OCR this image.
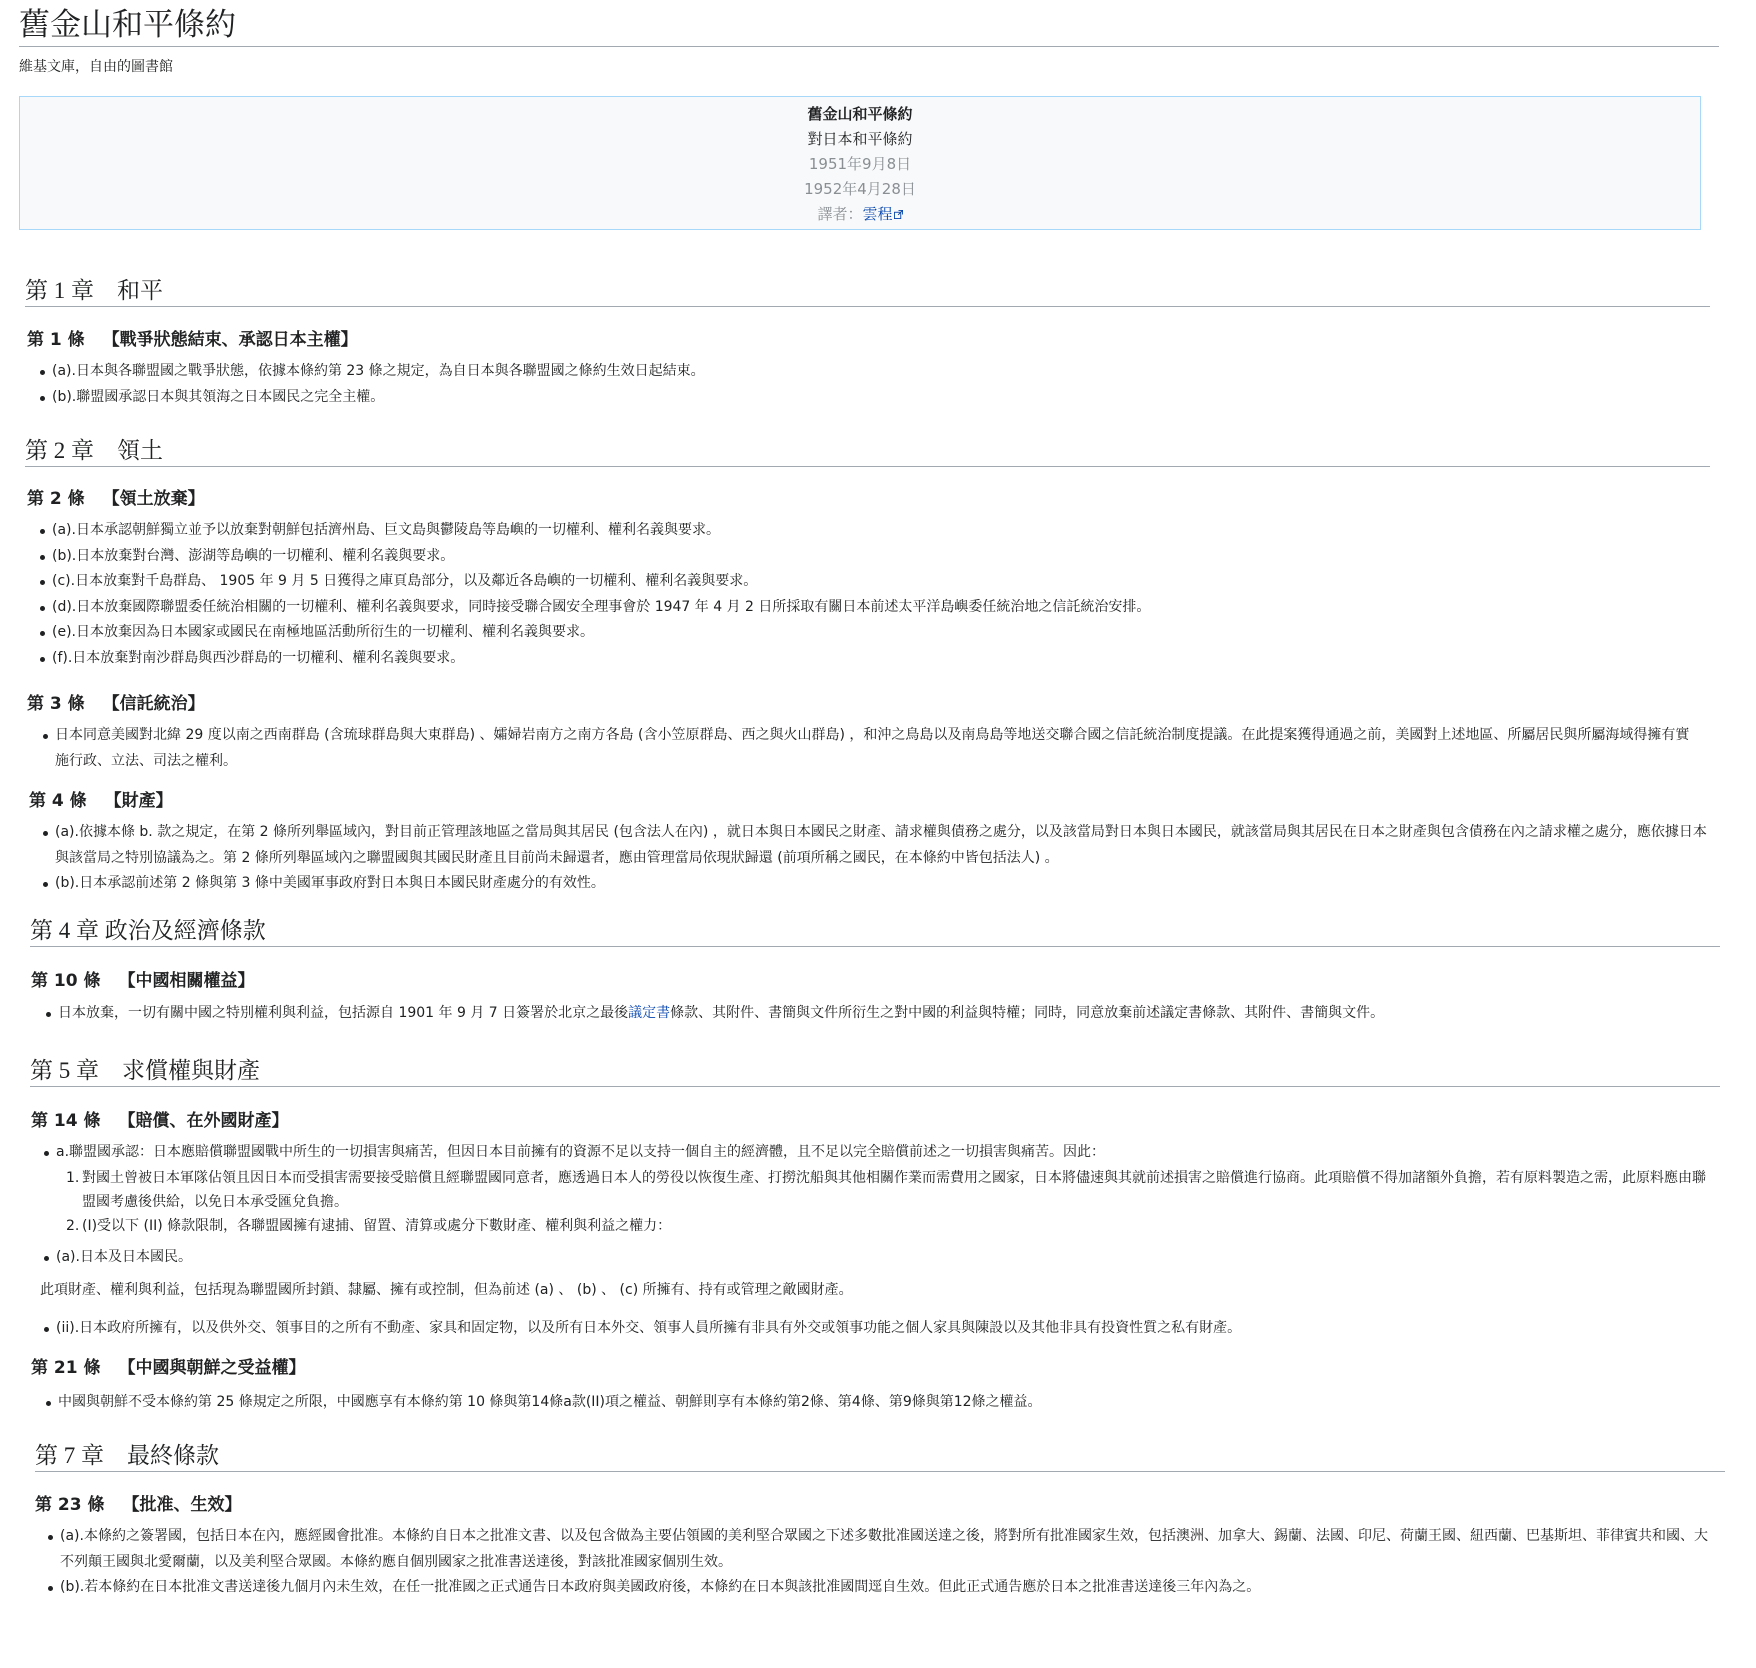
舊金山和平條約
維基文庫，自由的圖書館
舊金山和平條約
對日本和平條約
1951年9月8日
1952年4月28日
譯者：雲程
第 1 章　和平
第 1 條 【戰爭狀態結束、承認日本主權】
(a).日本與各聯盟國之戰爭狀態，依據本條約第 23 條之規定，為自日本與各聯盟國之條約生效日起結束。
(b).聯盟國承認日本與其領海之日本國民之完全主權。
第 2 章　領土
第 2 條 【領土放棄】
(a).日本承認朝鮮獨立並予以放棄對朝鮮包括濟州島、巨文島與鬱陵島等島嶼的一切權利、權利名義與要求。
(b).日本放棄對台灣、澎湖等島嶼的一切權利、權利名義與要求。
(c).日本放棄對千島群島、 1905 年 9 月 5 日獲得之庫頁島部分，以及鄰近各島嶼的一切權利、權利名義與要求。
(d).日本放棄國際聯盟委任統治相關的一切權利、權利名義與要求，同時接受聯合國安全理事會於 1947 年 4 月 2 日所採取有關日本前述太平洋島嶼委任統治地之信託統治安排。
(e).日本放棄因為日本國家或國民在南極地區活動所衍生的一切權利、權利名義與要求。
(f).日本放棄對南沙群島與西沙群島的一切權利、權利名義與要求。
第 3 條 【信託統治】
日本同意美國對北緯 29 度以南之西南群島 (含琉球群島與大東群島) 、孀婦岩南方之南方各島 (含小笠原群島、西之與火山群島) ，和沖之鳥島以及南鳥島等地送交聯合國之信託統治制度提議。在此提案獲得通過之前，美國對上述地區、所屬居民與所屬海域得擁有實施行政、立法、司法之權利。
第 4 條 【財產】
(a).依據本條 b. 款之規定，在第 2 條所列舉區域內，對目前正管理該地區之當局與其居民 (包含法人在內) ，就日本與日本國民之財產、請求權與債務之處分，以及該當局對日本與日本國民，就該當局與其居民在日本之財產與包含債務在內之請求權之處分，應依據日本與該當局之特別協議為之。第 2 條所列舉區域內之聯盟國與其國民財產且目前尚未歸還者，應由管理當局依現狀歸還 (前項所稱之國民，在本條約中皆包括法人) 。
(b).日本承認前述第 2 條與第 3 條中美國軍事政府對日本與日本國民財產處分的有效性。
第 4 章 政治及經濟條款
第 10 條 【中國相關權益】
日本放棄，一切有關中國之特別權利與利益，包括源自 1901 年 9 月 7 日簽署於北京之最後議定書條款、其附件、書簡與文件所衍生之對中國的利益與特權；同時，同意放棄前述議定書條款、其附件、書簡與文件。
第 5 章　求償權與財產
第 14 條 【賠償、在外國財產】
a.聯盟國承認：日本應賠償聯盟國戰中所生的一切損害與痛苦，但因日本目前擁有的資源不足以支持一個自主的經濟體，且不足以完全賠償前述之一切損害與痛苦。因此：
1. 對國土曾被日本軍隊佔領且因日本而受損害需要接受賠償且經聯盟國同意者，應透過日本人的勞役以恢復生產、打撈沈船與其他相關作業而需費用之國家，日本將儘速與其就前述損害之賠償進行協商。此項賠償不得加諸額外負擔，若有原料製造之需，此原料應由聯盟國考慮後供給，以免日本承受匯兌負擔。
2. (I)受以下 (II) 條款限制，各聯盟國擁有逮捕、留置、清算或處分下數財產、權利與利益之權力：
(a).日本及日本國民。
此項財產、權利與利益，包括現為聯盟國所封鎖、隸屬、擁有或控制，但為前述 (a) 、 (b) 、 (c) 所擁有、持有或管理之敵國財產。
(ii).日本政府所擁有，以及供外交、領事目的之所有不動產、家具和固定物，以及所有日本外交、領事人員所擁有非具有外交或領事功能之個人家具與陳設以及其他非具有投資性質之私有財產。
第 21 條 【中國與朝鮮之受益權】
中國與朝鮮不受本條約第 25 條規定之所限，中國應享有本條約第 10 條與第14條a款(II)項之權益、朝鮮則享有本條約第2條、第4條、第9條與第12條之權益。
第 7 章　最終條款
第 23 條 【批准、生效】
(a).本條約之簽署國，包括日本在內，應經國會批准。本條約自日本之批准文書、以及包含做為主要佔領國的美利堅合眾國之下述多數批准國送達之後，將對所有批准國家生效，包括澳洲、加拿大、錫蘭、法國、印尼、荷蘭王國、紐西蘭、巴基斯坦、菲律賓共和國、大不列顛王國與北愛爾蘭，以及美利堅合眾國。本條約應自個別國家之批准書送達後，對該批准國家個別生效。
(b).若本條約在日本批准文書送達後九個月內未生效，在任一批准國之正式通告日本政府與美國政府後，本條約在日本與該批准國間逕自生效。但此正式通告應於日本之批准書送達後三年內為之。
